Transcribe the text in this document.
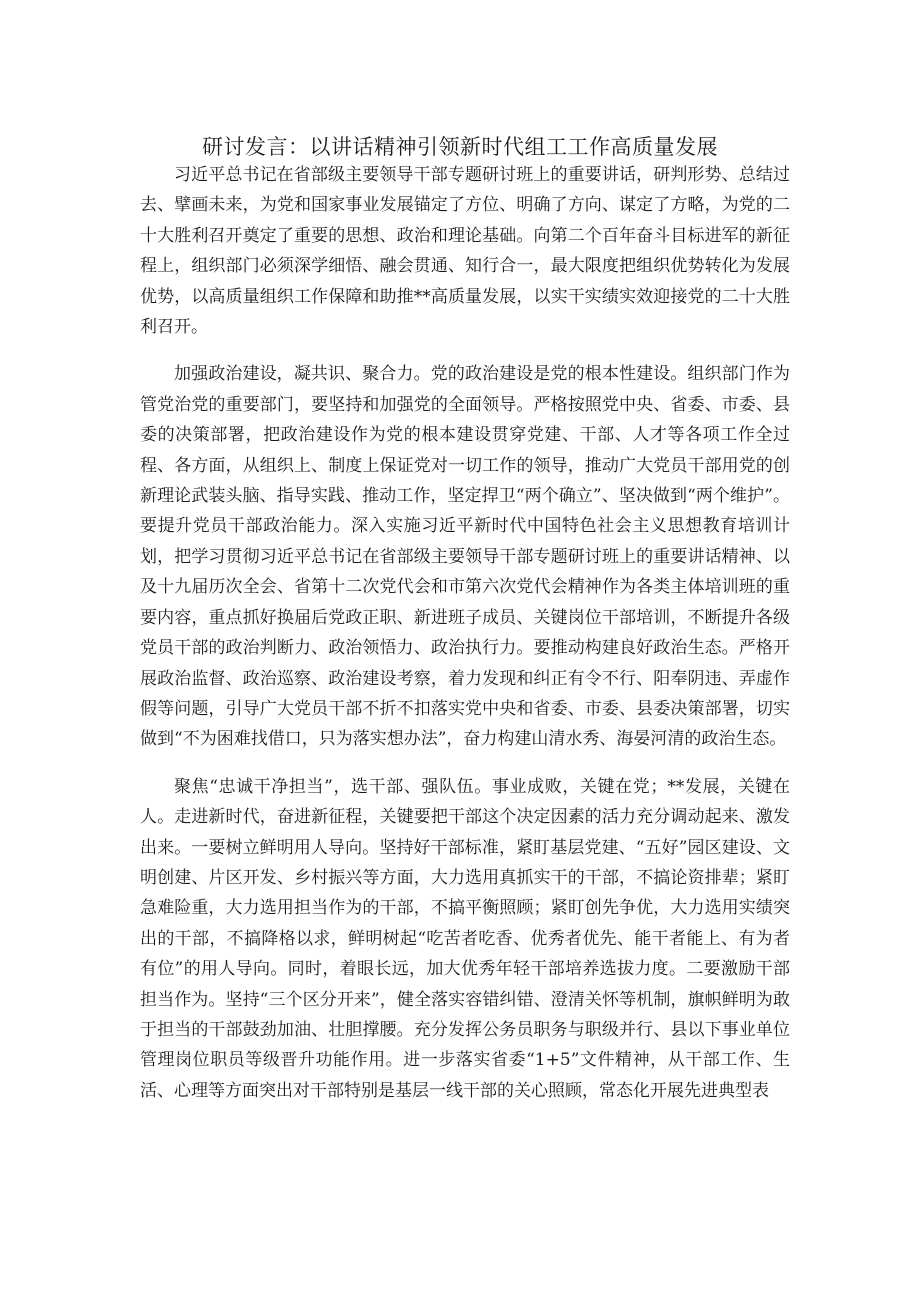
研讨发言：以讲话精神引领新时代组工工作高质量发展

习近平总书记在省部级主要领导干部专题研讨班上的重要讲话，研判形势、总结过去、擘画未来，为党和国家事业发展锚定了方位、明确了方向、谋定了方略，为党的二十大胜利召开奠定了重要的思想、政治和理论基础。向第二个百年奋斗目标进军的新征程上，组织部门必须深学细悟、融会贯通、知行合一，最大限度把组织优势转化为发展优势，以高质量组织工作保障和助推**高质量发展，以实干实绩实效迎接党的二十大胜利召开。

加强政治建设，凝共识、聚合力。党的政治建设是党的根本性建设。组织部门作为管党治党的重要部门，要坚持和加强党的全面领导。严格按照党中央、省委、市委、县委的决策部署，把政治建设作为党的根本建设贯穿党建、干部、人才等各项工作全过程、各方面，从组织上、制度上保证党对一切工作的领导，推动广大党员干部用党的创新理论武装头脑、指导实践、推动工作，坚定捍卫“两个确立”、坚决做到“两个维护”。要提升党员干部政治能力。深入实施习近平新时代中国特色社会主义思想教育培训计划，把学习贯彻习近平总书记在省部级主要领导干部专题研讨班上的重要讲话精神、以及十九届历次全会、省第十二次党代会和市第六次党代会精神作为各类主体培训班的重要内容，重点抓好换届后党政正职、新进班子成员、关键岗位干部培训，不断提升各级党员干部的政治判断力、政治领悟力、政治执行力。要推动构建良好政治生态。严格开展政治监督、政治巡察、政治建设考察，着力发现和纠正有令不行、阳奉阴违、弄虚作假等问题，引导广大党员干部不折不扣落实党中央和省委、市委、县委决策部署，切实做到“不为困难找借口，只为落实想办法”，奋力构建山清水秀、海晏河清的政治生态。

聚焦“忠诚干净担当”，选干部、强队伍。事业成败，关键在党；**发展，关键在人。走进新时代，奋进新征程，关键要把干部这个决定因素的活力充分调动起来、激发出来。一要树立鲜明用人导向。坚持好干部标准，紧盯基层党建、“五好”园区建设、文明创建、片区开发、乡村振兴等方面，大力选用真抓实干的干部，不搞论资排辈；紧盯急难险重，大力选用担当作为的干部，不搞平衡照顾；紧盯创先争优，大力选用实绩突出的干部，不搞降格以求，鲜明树起“吃苦者吃香、优秀者优先、能干者能上、有为者有位”的用人导向。同时，着眼长远，加大优秀年轻干部培养选拔力度。二要激励干部担当作为。坚持“三个区分开来”，健全落实容错纠错、澄清关怀等机制，旗帜鲜明为敢于担当的干部鼓劲加油、壮胆撑腰。充分发挥公务员职务与职级并行、县以下事业单位管理岗位职员等级晋升功能作用。进一步落实省委“1+5”文件精神，从干部工作、生活、心理等方面突出对干部特别是基层一线干部的关心照顾，常态化开展先进典型表
